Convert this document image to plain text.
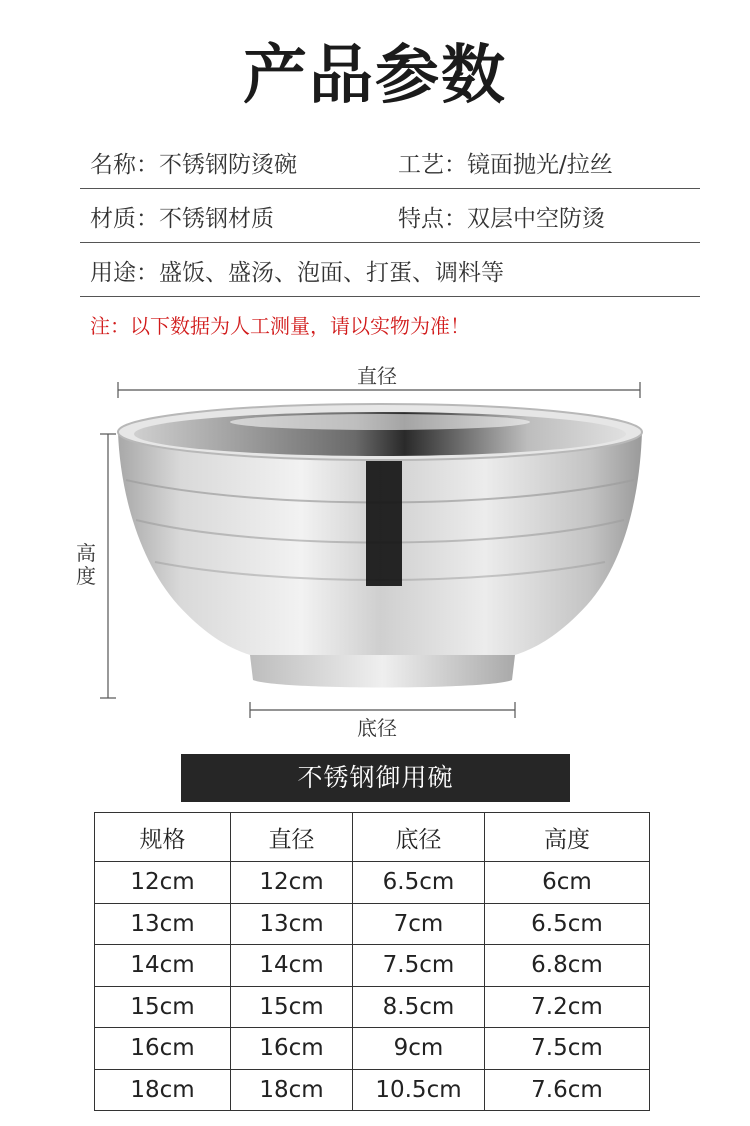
产品参数
名称：不锈钢防烫碗	工艺：镜面抛光/拉丝
材质：不锈钢材质	特点：双层中空防烫
用途：盛饭、盛汤、泡面、打蛋、调料等
注：以下数据为人工测量，请以实物为准！
直径
高度
底径
不锈钢御用碗
规格	直径	底径	高度
12cm	12cm	6.5cm	6cm
13cm	13cm	7cm	6.5cm
14cm	14cm	7.5cm	6.8cm
15cm	15cm	8.5cm	7.2cm
16cm	16cm	9cm	7.5cm
18cm	18cm	10.5cm	7.6cm
